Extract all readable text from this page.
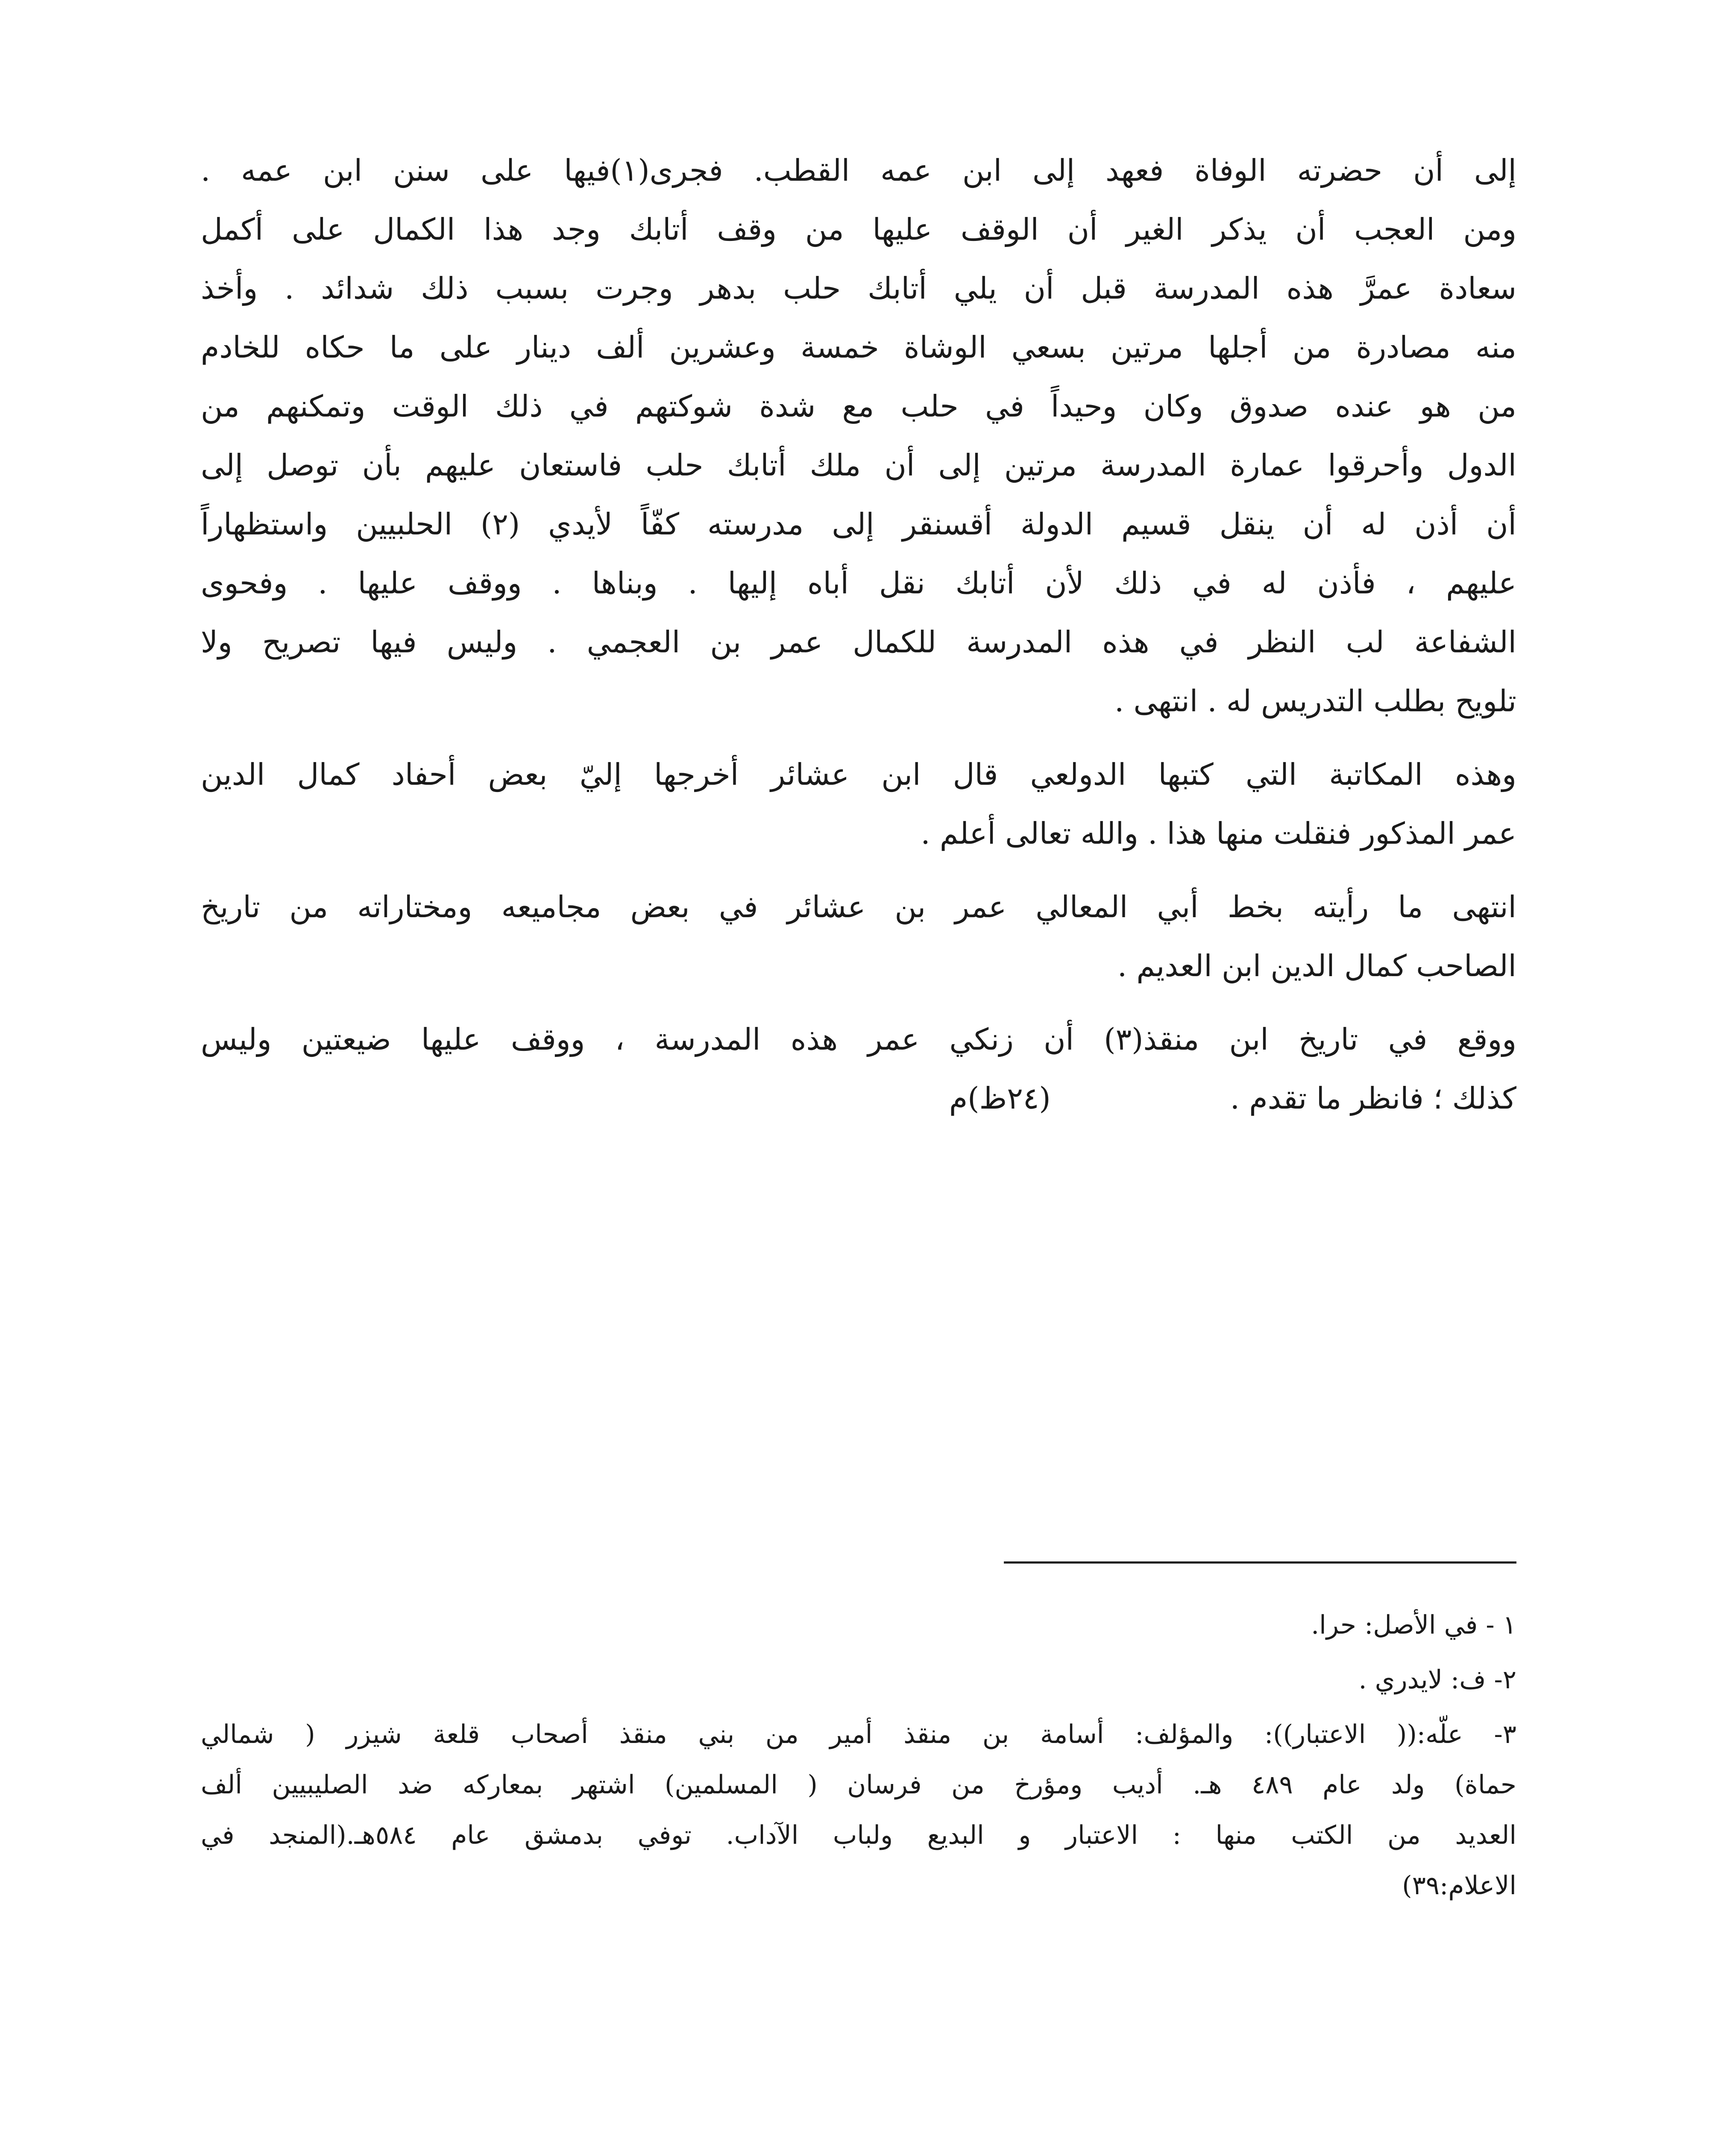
إلى أن حضرته الوفاة فعهد إلى ابن عمه القطب. فجرى(١)فيها على سنن ابن عمه .
ومن العجب أن يذكر الغير أن الوقف عليها من وقف أتابك وجد هذا الكمال على أكمل
سعادة عمرَّ هذه المدرسة قبل أن يلي أتابك حلب بدهر وجرت بسبب ذلك شدائد . وأخذ
منه مصادرة من أجلها مرتين بسعي الوشاة خمسة وعشرين ألف دينار على ما حكاه للخادم
من هو عنده صدوق وكان وحيداً في حلب مع شدة شوكتهم في ذلك الوقت وتمكنهم من
الدول وأحرقوا عمارة المدرسة مرتين إلى أن ملك أتابك حلب فاستعان عليهم بأن توصل إلى
أن أذن له أن ينقل قسيم الدولة أقسنقر إلى مدرسته كفّاً لأيدي (٢) الحلبيين واستظهاراً
عليهم ، فأذن له في ذلك لأن أتابك نقل أباه إليها . وبناها . ووقف عليها . وفحوى
الشفاعة لب النظر في هذه المدرسة للكمال عمر بن العجمي . وليس فيها تصريح ولا
تلويح بطلب التدريس له . انتهى .

وهذه المكاتبة التي كتبها الدولعي قال ابن عشائر أخرجها إليّ بعض أحفاد كمال الدين
عمر المذكور فنقلت منها هذا . والله تعالى أعلم .

انتهى ما رأيته بخط أبي المعالي عمر بن عشائر في بعض مجاميعه ومختاراته من تاريخ
الصاحب كمال الدين ابن العديم .

ووقع في تاريخ ابن منقذ(٣) أن زنكي عمر هذه المدرسة ، ووقف عليها ضيعتين وليس
كذلك ؛ فانظر ما تقدم .
(٢٤ظ)م

١ - في الأصل: حرا.

٢- ف: لايدري .

٣- علّه:(( الاعتبار)): والمؤلف: أسامة بن منقذ أمير من بني منقذ أصحاب قلعة شيزر ( شمالي
حماة) ولد عام ٤٨٩ هـ. أديب ومؤرخ من فرسان ( المسلمين) اشتهر بمعاركه ضد الصليبيين ألف
العديد من الكتب منها : الاعتبار و البديع ولباب الآداب. توفي بدمشق عام ٥٨٤هـ.(المنجد في
الاعلام:٣٩)
